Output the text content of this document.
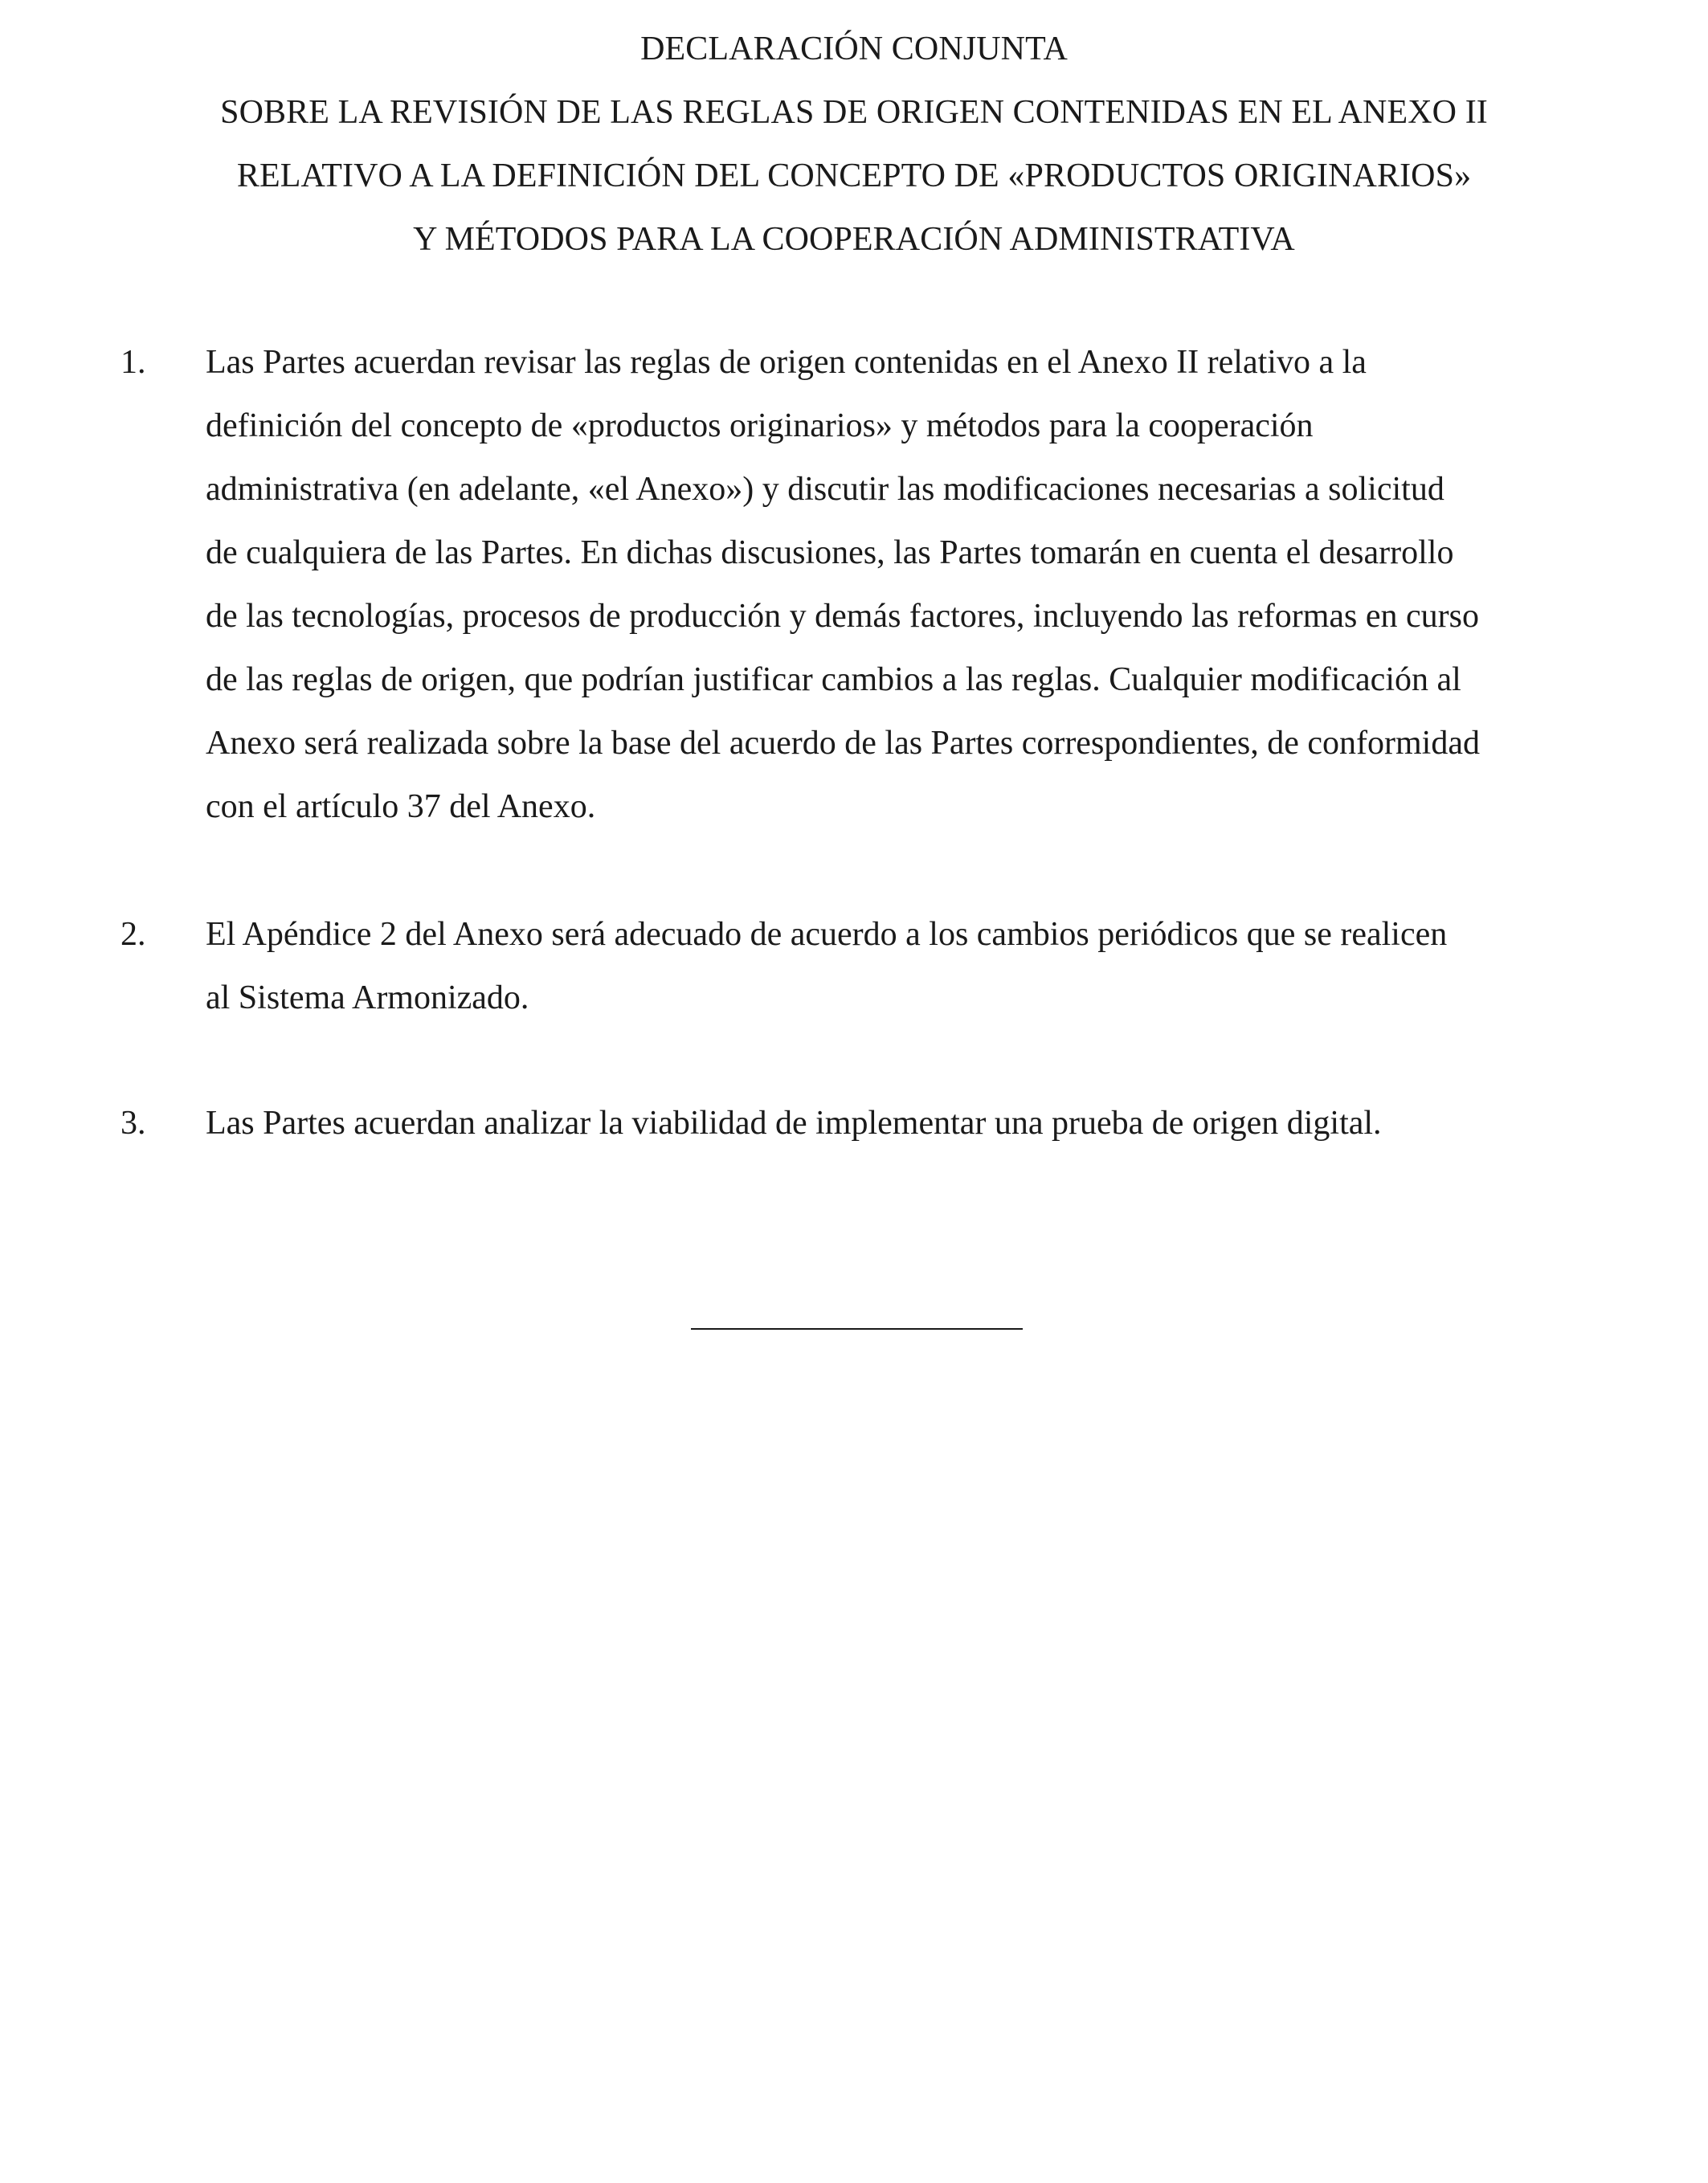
DECLARACIÓN CONJUNTA
SOBRE LA REVISIÓN DE LAS REGLAS DE ORIGEN CONTENIDAS EN EL ANEXO II
RELATIVO A LA DEFINICIÓN DEL CONCEPTO DE «PRODUCTOS ORIGINARIOS»
Y MÉTODOS PARA LA COOPERACIÓN ADMINISTRATIVA
1. Las Partes acuerdan revisar las reglas de origen contenidas en el Anexo II relativo a la
definición del concepto de «productos originarios» y métodos para la cooperación
administrativa (en adelante, «el Anexo») y discutir las modificaciones necesarias a solicitud
de cualquiera de las Partes. En dichas discusiones, las Partes tomarán en cuenta el desarrollo
de las tecnologías, procesos de producción y demás factores, incluyendo las reformas en curso
de las reglas de origen, que podrían justificar cambios a las reglas. Cualquier modificación al
Anexo será realizada sobre la base del acuerdo de las Partes correspondientes, de conformidad
con el artículo 37 del Anexo.
2. El Apéndice 2 del Anexo será adecuado de acuerdo a los cambios periódicos que se realicen
al Sistema Armonizado.
3. Las Partes acuerdan analizar la viabilidad de implementar una prueba de origen digital.
